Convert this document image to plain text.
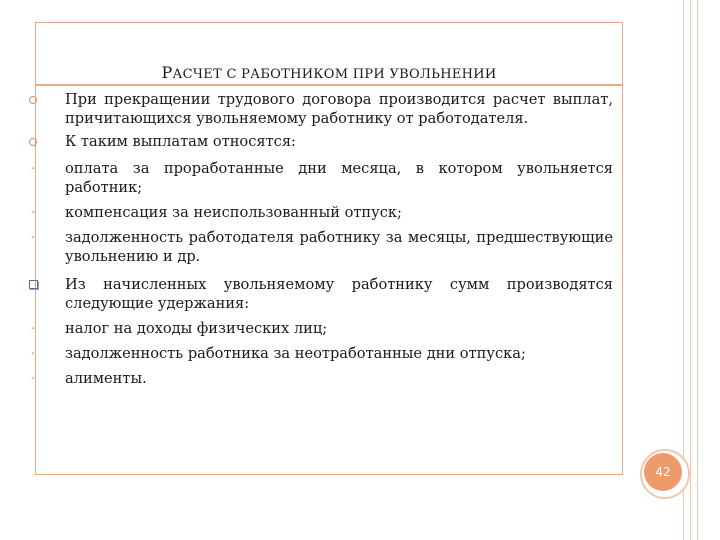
РАСЧЕТ С РАБОТНИКОМ ПРИ УВОЛЬНЕНИИ
При прекращении трудового договора производится расчет выплат, причитающихся увольняемому работнику от работодателя.
К таким выплатам относятся:
-	оплата за проработанные дни месяца, в котором увольняется работник;
-	компенсация за неиспользованный отпуск;
-	задолженность работодателя работнику за месяцы, предшествующие увольнению и др.
Из начисленных увольняемому работнику сумм производятся следующие удержания:
-	налог на доходы физических лиц;
-	задолженность работника за неотработанные дни отпуска;
-	алименты.
42
